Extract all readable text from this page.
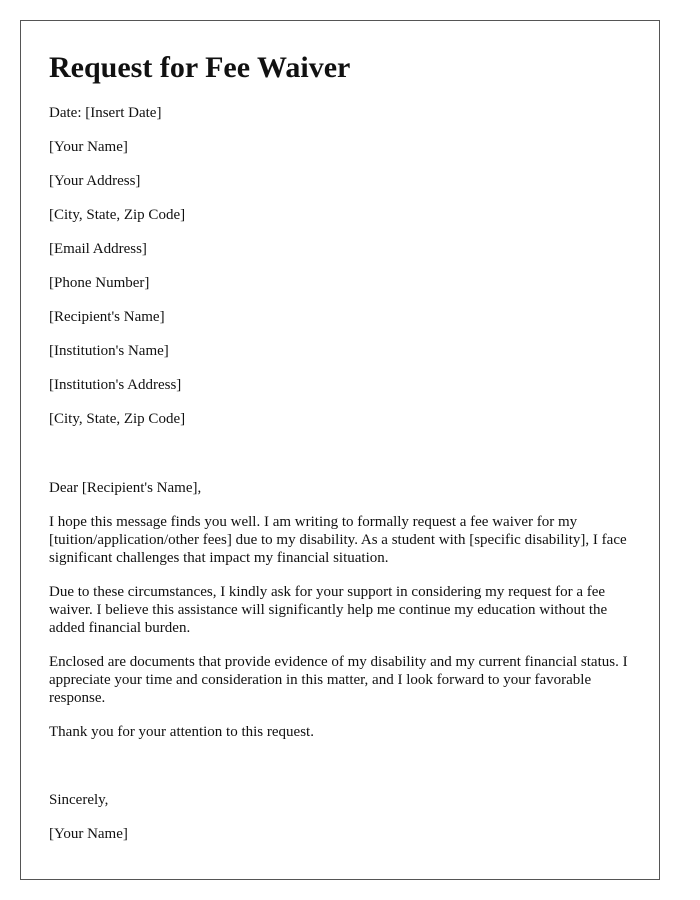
Request for Fee Waiver
Date: [Insert Date]
[Your Name]
[Your Address]
[City, State, Zip Code]
[Email Address]
[Phone Number]
[Recipient's Name]
[Institution's Name]
[Institution's Address]
[City, State, Zip Code]
Dear [Recipient's Name],
I hope this message finds you well. I am writing to formally request a fee waiver for my [tuition/application/other fees] due to my disability. As a student with [specific disability], I face significant challenges that impact my financial situation.
Due to these circumstances, I kindly ask for your support in considering my request for a fee waiver. I believe this assistance will significantly help me continue my education without the added financial burden.
Enclosed are documents that provide evidence of my disability and my current financial status. I appreciate your time and consideration in this matter, and I look forward to your favorable response.
Thank you for your attention to this request.
Sincerely,
[Your Name]
